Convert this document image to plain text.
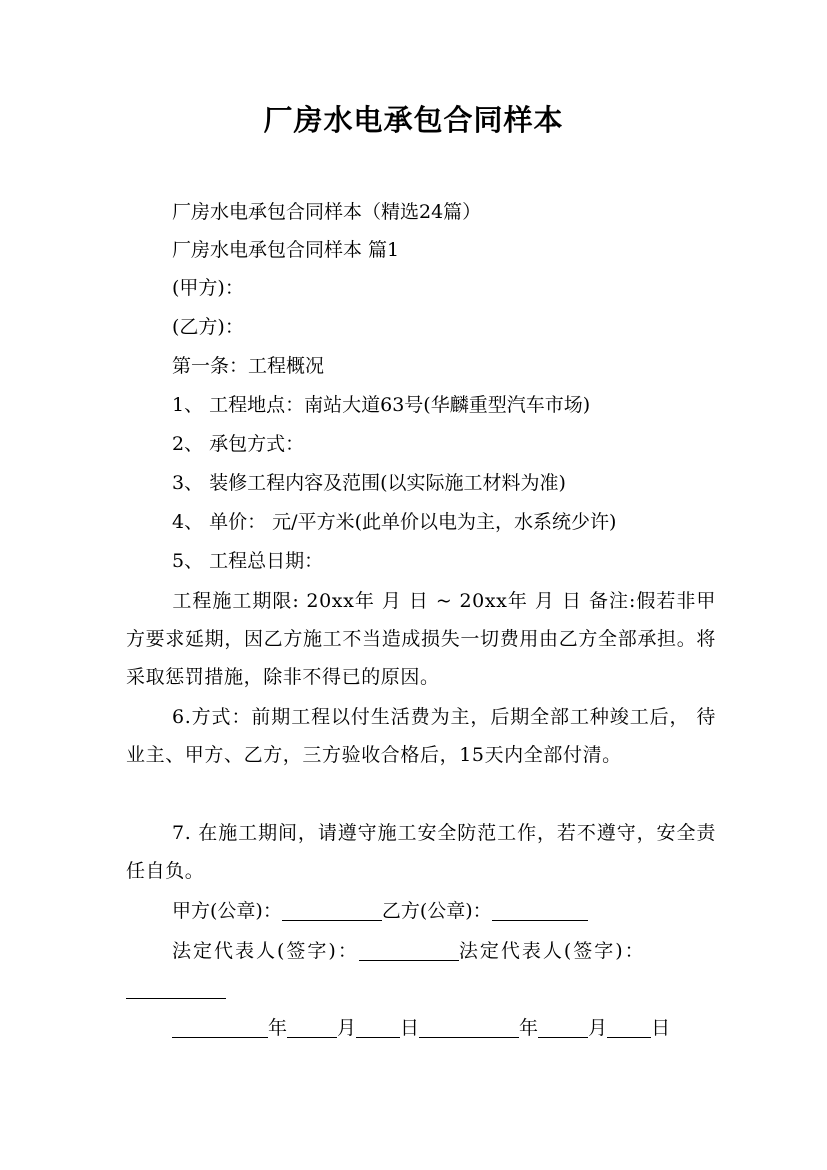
厂房水电承包合同样本
厂房水电承包合同样本（精选24篇）
厂房水电承包合同样本 篇1
(甲方)：
(乙方)：
第一条：工程概况
1、 工程地点：南站大道63号(华麟重型汽车市场)
2、 承包方式：
3、 装修工程内容及范围(以实际施工材料为准)
4、 单价： 元/平方米(此单价以电为主，水系统少许)
5、 工程总日期：
工程施工期限: 20xx年 月 日 ~ 20xx年 月 日 备注:假若非甲方要求延期，因乙方施工不当造成损失一切费用由乙方全部承担。将采取惩罚措施，除非不得已的原因。
6.方式：前期工程以付生活费为主，后期全部工种竣工后， 待业主、甲方、乙方，三方验收合格后，15天内全部付清。
7. 在施工期间，请遵守施工安全防范工作，若不遵守，安全责任自负。
甲方(公章)：	乙方(公章)：
法定代表人(签字)：	法定代表人(签字)：
年	月 日	年	月 日
